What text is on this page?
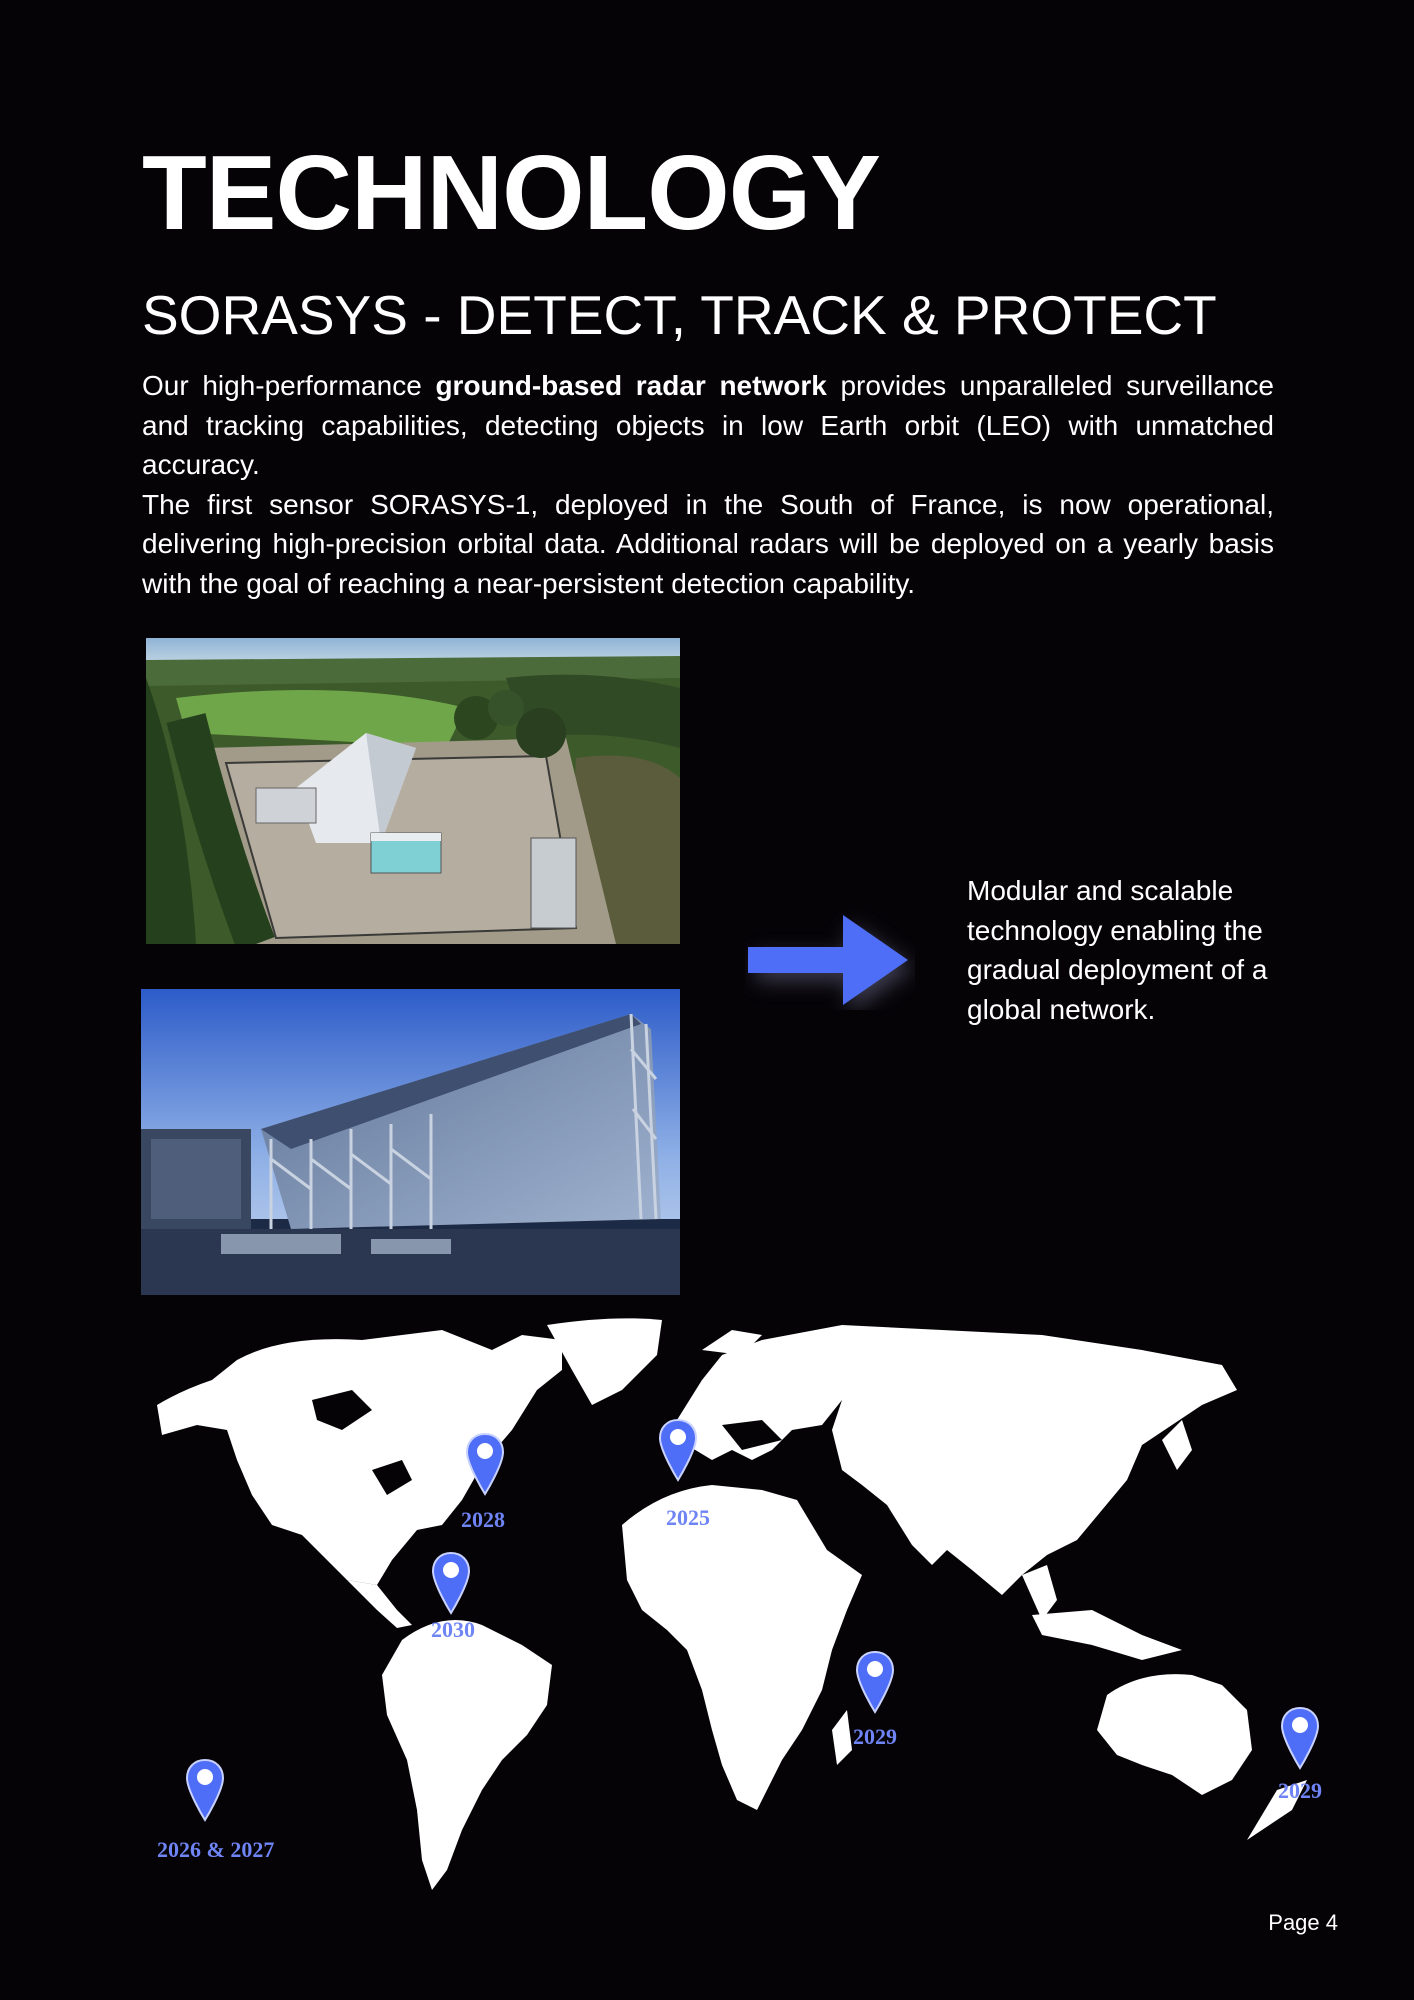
TECHNOLOGY
SORASYS - DETECT, TRACK & PROTECT

Our high-performance ground-based radar network provides unparalleled surveillance and tracking capabilities, detecting objects in low Earth orbit (LEO) with unmatched accuracy.

The first sensor SORASYS-1, deployed in the South of France, is now operational, delivering high-precision orbital data. Additional radars will be deployed on a yearly basis with the goal of reaching a near-persistent detection capability.

Modular and scalable technology enabling the gradual deployment of a global network.

2028	2025
2030
2029
2029
2026 & 2027
Page 4
